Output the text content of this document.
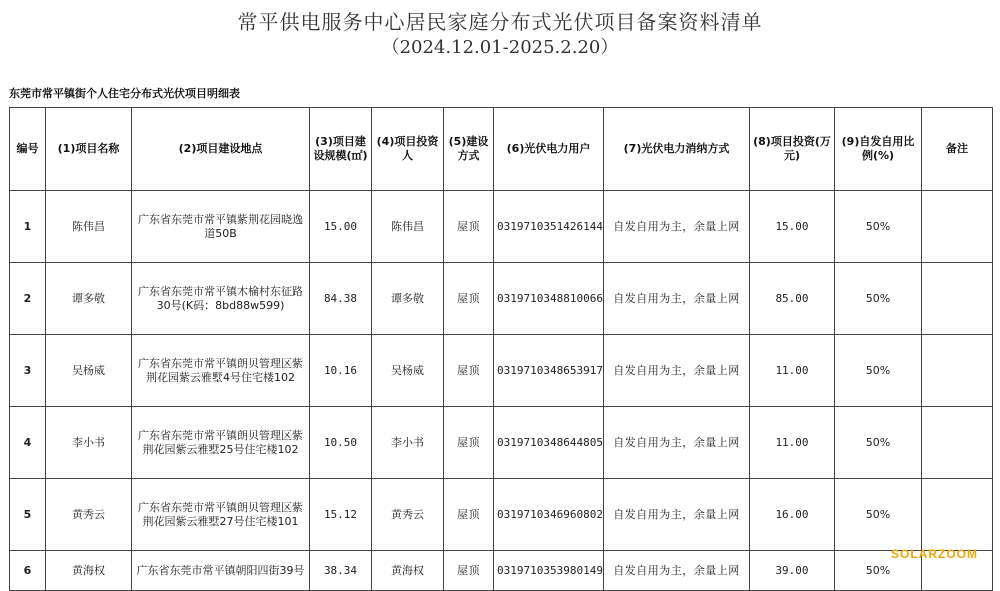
常平供电服务中心居民家庭分布式光伏项目备案资料清单
（2024.12.01-2025.2.20）
东莞市常平镇街个人住宅分布式光伏项目明细表
编号	(1)项目名称	(2)项目建设地点	(3)项目建设规模(㎡)	(4)项目投资人	(5)建设方式	(6)光伏电力用户	(7)光伏电力消纳方式	(8)项目投资(万元)	(9)自发自用比例(%)	备注
1	陈伟昌	广东省东莞市常平镇紫荆花园晓逸道50B	15.00	陈伟昌	屋顶	0319710351426144	自发自用为主，余量上网	15.00	50%	
2	谭多敬	广东省东莞市常平镇木棆村东征路30号(K码：8bd88w599)	84.38	谭多敬	屋顶	0319710348810066	自发自用为主，余量上网	85.00	50%	
3	吴杨威	广东省东莞市常平镇朗贝管理区紫荆花园紫云雅墅4号住宅楼102	10.16	吴杨威	屋顶	0319710348653917	自发自用为主，余量上网	11.00	50%	
4	李小书	广东省东莞市常平镇朗贝管理区紫荆花园紫云雅墅25号住宅楼102	10.50	李小书	屋顶	0319710348644805	自发自用为主，余量上网	11.00	50%	
5	黄秀云	广东省东莞市常平镇朗贝管理区紫荆花园紫云雅墅27号住宅楼101	15.12	黄秀云	屋顶	0319710346960802	自发自用为主，余量上网	16.00	50%	
6	黄海权	广东省东莞市常平镇朝阳四街39号	38.34	黄海权	屋顶	0319710353980149	自发自用为主，余量上网	39.00	50%	
SOLARZOOM
